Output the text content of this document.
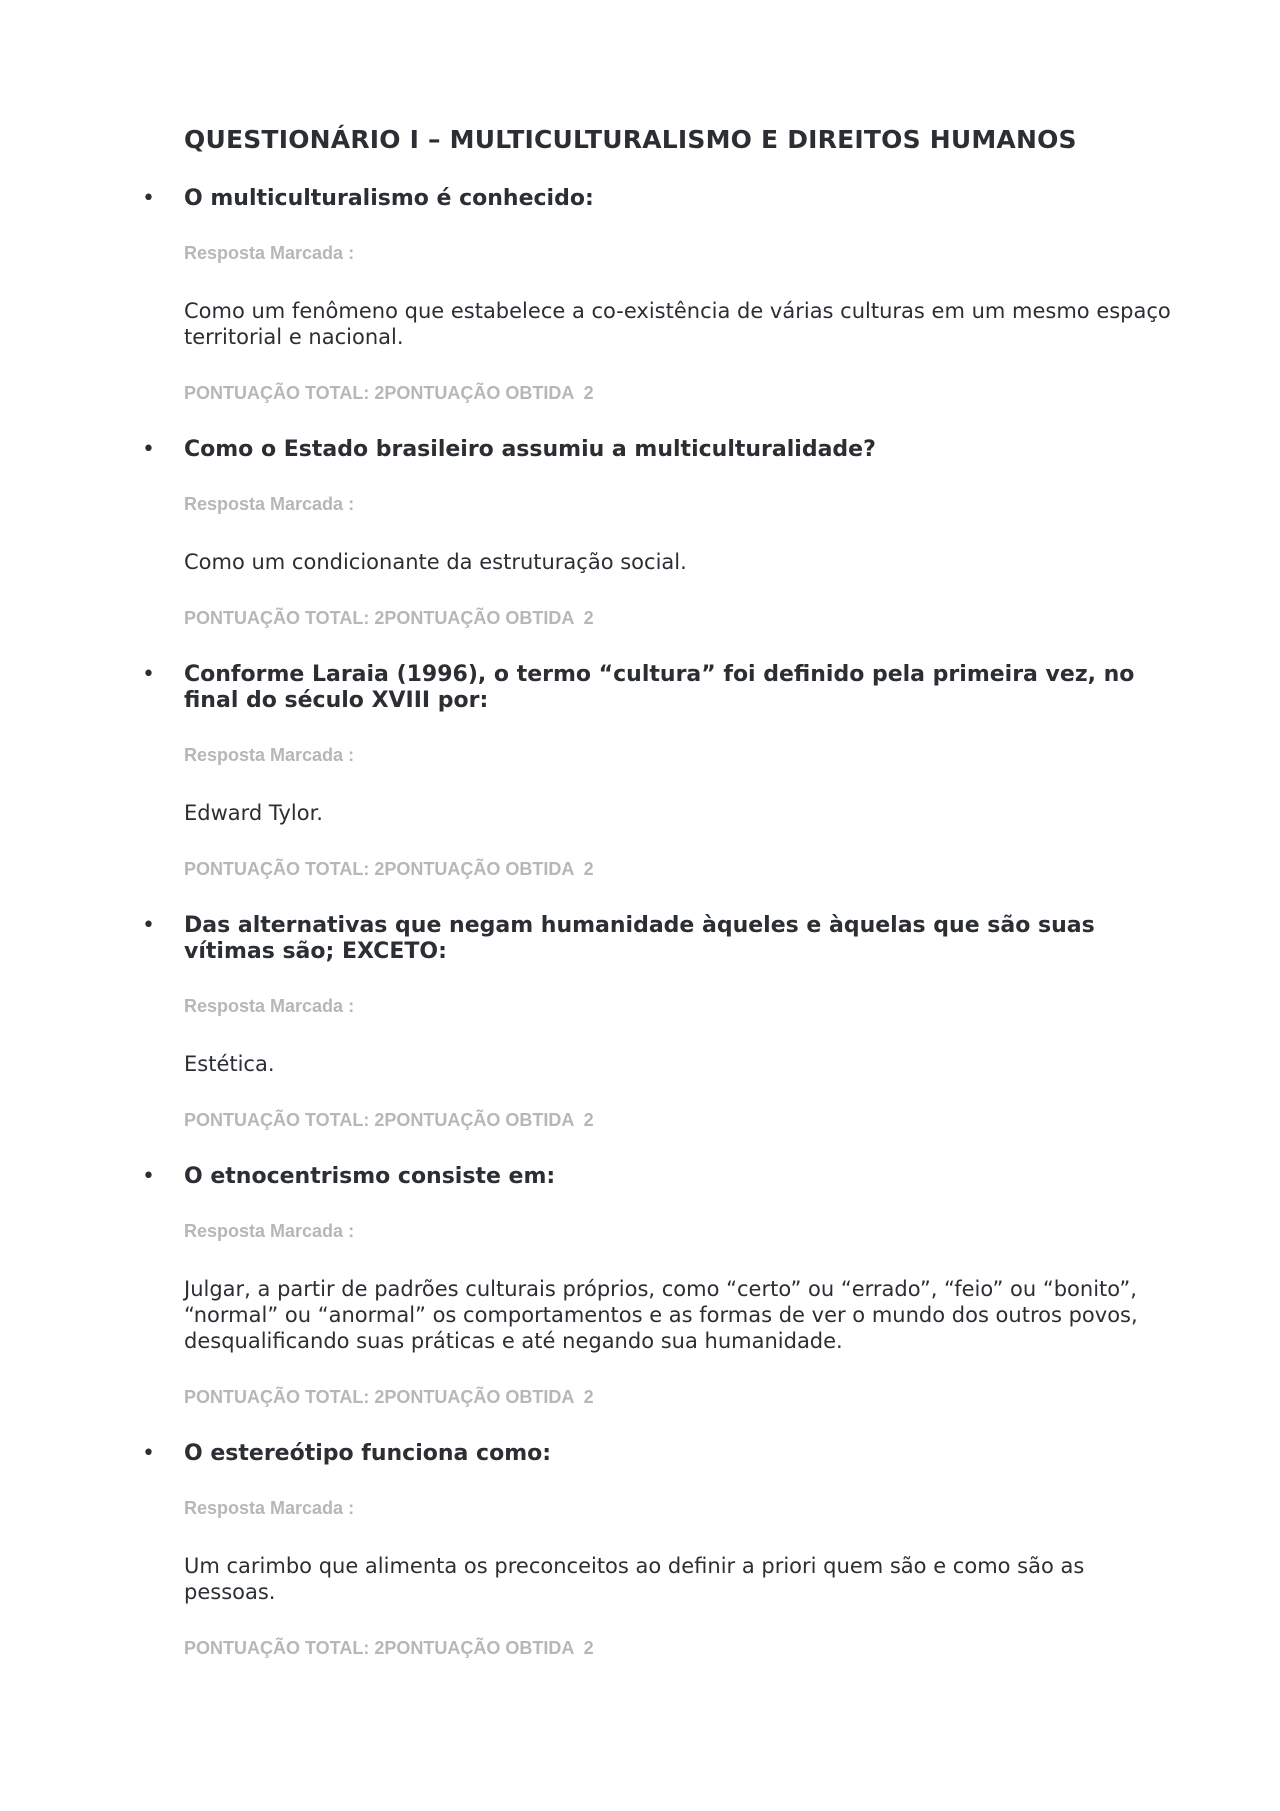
QUESTIONÁRIO I – MULTICULTURALISMO E DIREITOS HUMANOS
• O multiculturalismo é conhecido:

Resposta Marcada :

Como um fenômeno que estabelece a co-existência de várias culturas em um mesmo espaço territorial e nacional.

PONTUAÇÃO TOTAL: 2PONTUAÇÃO OBTIDA  2

• Como o Estado brasileiro assumiu a multiculturalidade?

Resposta Marcada :

Como um condicionante da estruturação social.

PONTUAÇÃO TOTAL: 2PONTUAÇÃO OBTIDA  2

• Conforme Laraia (1996), o termo “cultura” foi definido pela primeira vez, no final do século XVIII por:

Resposta Marcada :

Edward Tylor.

PONTUAÇÃO TOTAL: 2PONTUAÇÃO OBTIDA  2

• Das alternativas que negam humanidade àqueles e àquelas que são suas vítimas são; EXCETO:

Resposta Marcada :

Estética.

PONTUAÇÃO TOTAL: 2PONTUAÇÃO OBTIDA  2

• O etnocentrismo consiste em:

Resposta Marcada :

Julgar, a partir de padrões culturais próprios, como “certo” ou “errado”, “feio” ou “bonito”, “normal” ou “anormal” os comportamentos e as formas de ver o mundo dos outros povos, desqualificando suas práticas e até negando sua humanidade.

PONTUAÇÃO TOTAL: 2PONTUAÇÃO OBTIDA  2

• O estereótipo funciona como:

Resposta Marcada :

Um carimbo que alimenta os preconceitos ao definir a priori quem são e como são as pessoas.

PONTUAÇÃO TOTAL: 2PONTUAÇÃO OBTIDA  2
